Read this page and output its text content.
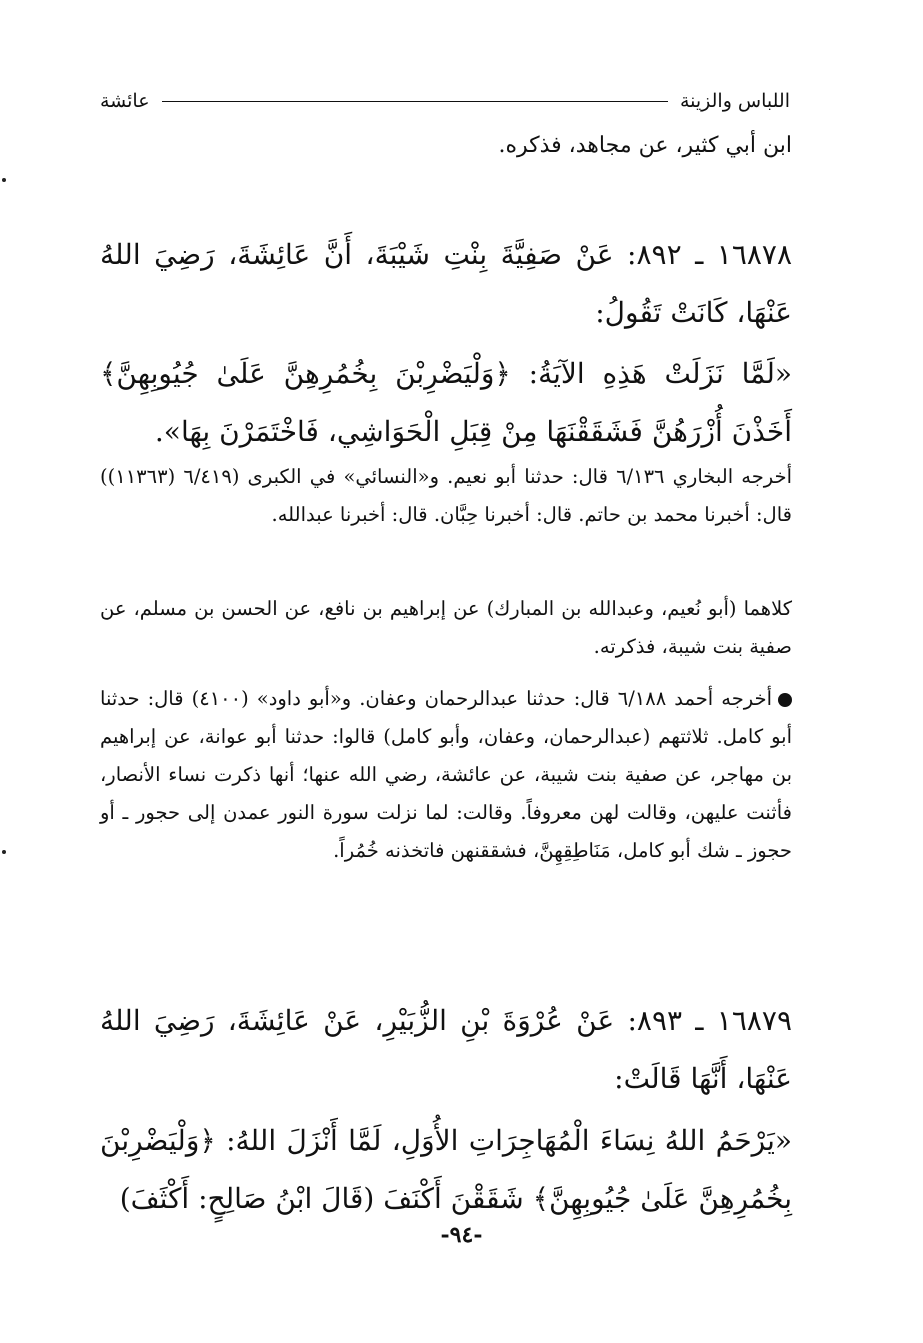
اللباس والزينة
عائشة
ابن أبي كثير، عن مجاهد، فذكره.
١٦٨٧٨ ـ ٨٩٢: عَنْ صَفِيَّةَ بِنْتِ شَيْبَةَ، أَنَّ عَائِشَةَ، رَضِيَ اللهُ عَنْهَا، كَانَتْ تَقُولُ:
«لَمَّا نَزَلَتْ هَذِهِ الآيَةُ: ﴿وَلْيَضْرِبْنَ بِخُمُرِهِنَّ عَلَىٰ جُيُوبِهِنَّ﴾ أَخَذْنَ أُزْرَهُنَّ فَشَقَقْنَهَا مِنْ قِبَلِ الْحَوَاشِي، فَاخْتَمَرْنَ بِهَا».
أخرجه البخاري ٦/١٣٦ قال: حدثنا أبو نعيم. و«النسائي» في الكبرى (٦/٤١٩ (١١٣٦٣)) قال: أخبرنا محمد بن حاتم. قال: أخبرنا حِبَّان. قال: أخبرنا عبدالله.
كلاهما (أبو نُعيم، وعبدالله بن المبارك) عن إبراهيم بن نافع، عن الحسن بن مسلم، عن صفية بنت شيبة، فذكرته.
أخرجه أحمد ٦/١٨٨ قال: حدثنا عبدالرحمان وعفان. و«أبو داود» (٤١٠٠) قال: حدثنا أبو كامل. ثلاثتهم (عبدالرحمان، وعفان، وأبو كامل) قالوا: حدثنا أبو عوانة، عن إبراهيم بن مهاجر، عن صفية بنت شيبة، عن عائشة، رضي الله عنها؛ أنها ذكرت نساء الأنصار، فأثنت عليهن، وقالت لهن معروفاً. وقالت: لما نزلت سورة النور عمدن إلى حجور ـ أو حجوز ـ شك أبو كامل، مَنَاطِقِهِنَّ، فشققنهن فاتخذنه خُمُراً.
١٦٨٧٩ ـ ٨٩٣: عَنْ عُرْوَةَ بْنِ الزُّبَيْرِ، عَنْ عَائِشَةَ، رَضِيَ اللهُ عَنْهَا، أَنَّهَا قَالَتْ:
«يَرْحَمُ اللهُ نِسَاءَ الْمُهَاجِرَاتِ الأُوَلِ، لَمَّا أَنْزَلَ اللهُ: ﴿وَلْيَضْرِبْنَ بِخُمُرِهِنَّ عَلَىٰ جُيُوبِهِنَّ﴾ شَقَقْنَ أَكْنَفَ (قَالَ ابْنُ صَالِحٍ: أَكْثَفَ)
-٩٤-
